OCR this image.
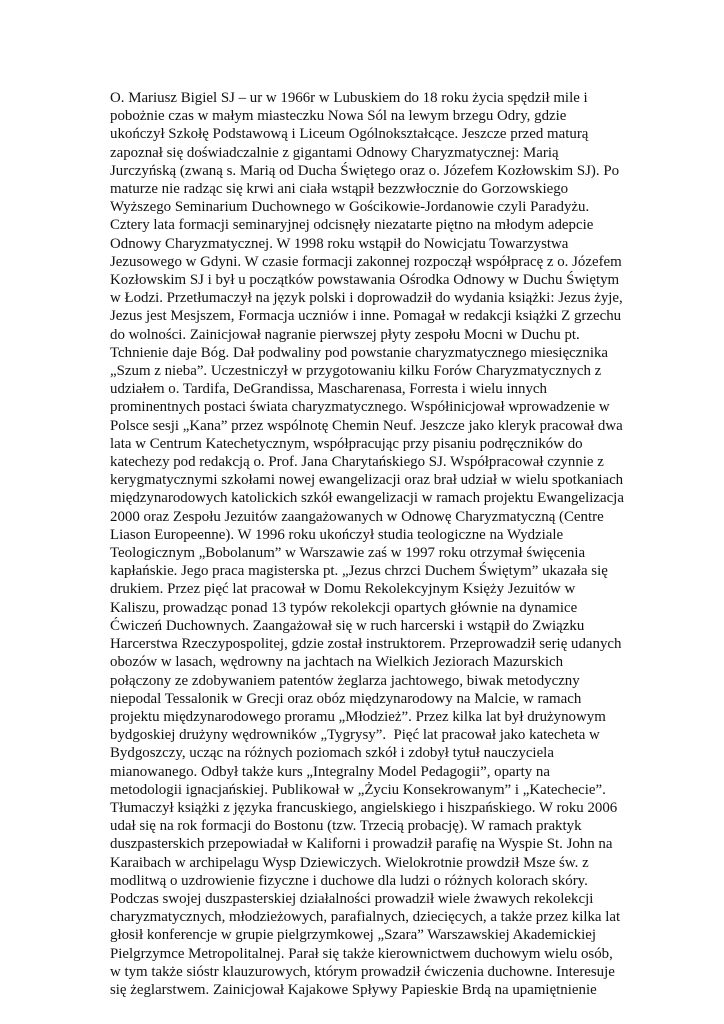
O. Mariusz Bigiel SJ – ur w 1966r w Lubuskiem do 18 roku życia spędził mile i
pobożnie czas w małym miasteczku Nowa Sól na lewym brzegu Odry, gdzie
ukończył Szkołę Podstawową i Liceum Ogólnokształcące. Jeszcze przed maturą
zapoznał się doświadczalnie z gigantami Odnowy Charyzmatycznej: Marią
Jurczyńską (zwaną s. Marią od Ducha Świętego oraz o. Józefem Kozłowskim SJ). Po
maturze nie radząc się krwi ani ciała wstąpił bezzwłocznie do Gorzowskiego
Wyższego Seminarium Duchownego w Gościkowie-Jordanowie czyli Paradyżu.
Cztery lata formacji seminaryjnej odcisnęły niezatarte piętno na młodym adepcie
Odnowy Charyzmatycznej. W 1998 roku wstąpił do Nowicjatu Towarzystwa
Jezusowego w Gdyni. W czasie formacji zakonnej rozpoczął współpracę z o. Józefem
Kozłowskim SJ i był u początków powstawania Ośrodka Odnowy w Duchu Świętym
w Łodzi. Przetłumaczył na język polski i doprowadził do wydania książki: Jezus żyje,
Jezus jest Mesjszem, Formacja uczniów i inne. Pomagał w redakcji książki Z grzechu
do wolności. Zainicjował nagranie pierwszej płyty zespołu Mocni w Duchu pt.
Tchnienie daje Bóg. Dał podwaliny pod powstanie charyzmatycznego miesięcznika
„Szum z nieba”. Uczestniczył w przygotowaniu kilku Forów Charyzmatycznych z
udziałem o. Tardifa, DeGrandissa, Mascharenasa, Forresta i wielu innych
prominentnych postaci świata charyzmatycznego. Współinicjował wprowadzenie w
Polsce sesji „Kana” przez wspólnotę Chemin Neuf. Jeszcze jako kleryk pracował dwa
lata w Centrum Katechetycznym, współpracując przy pisaniu podręczników do
katechezy pod redakcją o. Prof. Jana Charytańskiego SJ. Współpracował czynnie z
kerygmatycznymi szkołami nowej ewangelizacji oraz brał udział w wielu spotkaniach
międzynarodowych katolickich szkół ewangelizacji w ramach projektu Ewangelizacja
2000 oraz Zespołu Jezuitów zaangażowanych w Odnowę Charyzmatyczną (Centre
Liason Europeenne). W 1996 roku ukończył studia teologiczne na Wydziale
Teologicznym „Bobolanum” w Warszawie zaś w 1997 roku otrzymał święcenia
kapłańskie. Jego praca magisterska pt. „Jezus chrzci Duchem Świętym” ukazała się
drukiem. Przez pięć lat pracował w Domu Rekolekcyjnym Księży Jezuitów w
Kaliszu, prowadząc ponad 13 typów rekolekcji opartych głównie na dynamice
Ćwiczeń Duchownych. Zaangażował się w ruch harcerski i wstąpił do Związku
Harcerstwa Rzeczypospolitej, gdzie został instruktorem. Przeprowadził serię udanych
obozów w lasach, wędrowny na jachtach na Wielkich Jeziorach Mazurskich
połączony ze zdobywaniem patentów żeglarza jachtowego, biwak metodyczny
niepodal Tessalonik w Grecji oraz obóz międzynarodowy na Malcie, w ramach
projektu międzynarodowego proramu „Młodzież”. Przez kilka lat był drużynowym
bydgoskiej drużyny wędrowników „Tygrysy”.  Pięć lat pracował jako katecheta w
Bydgoszczy, ucząc na różnych poziomach szkół i zdobył tytuł nauczyciela
mianowanego. Odbył także kurs „Integralny Model Pedagogii”, oparty na
metodologii ignacjańskiej. Publikował w „Życiu Konsekrowanym” i „Katechecie”.
Tłumaczył książki z języka francuskiego, angielskiego i hiszpańskiego. W roku 2006
udał się na rok formacji do Bostonu (tzw. Trzecią probację). W ramach praktyk
duszpasterskich przepowiadał w Kaliforni i prowadził parafię na Wyspie St. John na
Karaibach w archipelagu Wysp Dziewiczych. Wielokrotnie prowdził Msze św. z
modlitwą o uzdrowienie fizyczne i duchowe dla ludzi o różnych kolorach skóry.
Podczas swojej duszpasterskiej działalności prowadził wiele żwawych rekolekcji
charyzmatycznych, młodzieżowych, parafialnych, dziecięcych, a także przez kilka lat
głosił konferencje w grupie pielgrzymkowej „Szara” Warszawskiej Akademickiej
Pielgrzymce Metropolitalnej. Parał się także kierownictwem duchowym wielu osób,
w tym także sióstr klauzurowych, którym prowadził ćwiczenia duchowne. Interesuje
się żeglarstwem. Zainicjował Kajakowe Spływy Papieskie Brdą na upamiętnienie
